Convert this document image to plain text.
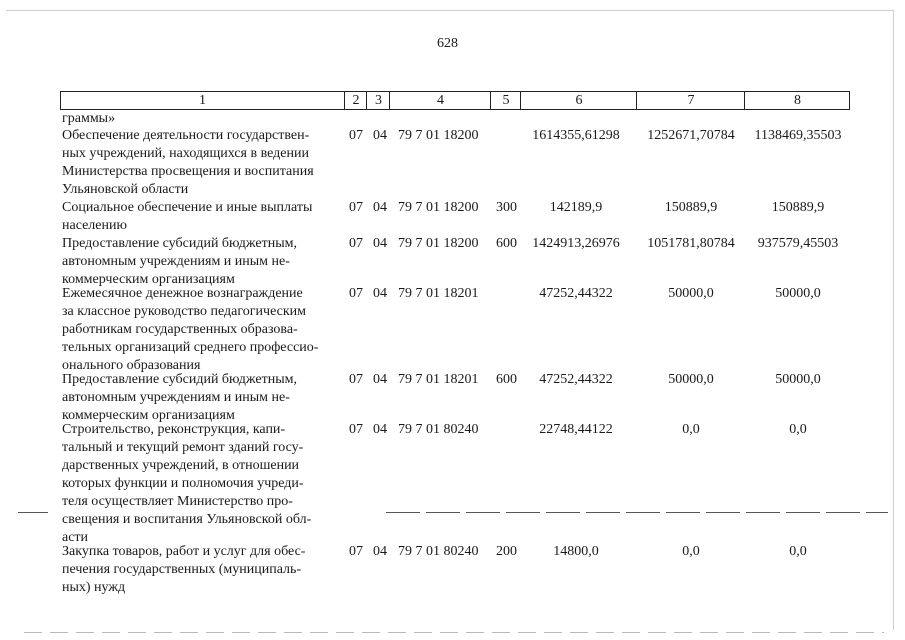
628
1	2	3	4	5	6	7	8
граммы»
Обеспечение деятельности государствен-
ных учреждений, находящихся в ведении
Министерства просвещения и воспитания
Ульяновской области
07 04 79 7 01 18200	1614355,61298	1252671,70784	1138469,35503
Социальное обеспечение и иные выплаты
населению
07 04 79 7 01 18200 300	142189,9	150889,9	150889,9
Предоставление субсидий бюджетным,
автономным учреждениям и иным не-
коммерческим организациям
07 04 79 7 01 18200 600	1424913,26976	1051781,80784	937579,45503
Ежемесячное денежное вознаграждение
за классное руководство педагогическим
работникам государственных образова-
тельных организаций среднего профессио-
онального образования
07 04 79 7 01 18201	47252,44322	50000,0	50000,0
Предоставление субсидий бюджетным,
автономным учреждениям и иным не-
коммерческим организациям
07 04 79 7 01 18201 600	47252,44322	50000,0	50000,0
Строительство, реконструкция, капи-
тальный и текущий ремонт зданий госу-
дарственных учреждений, в отношении
которых функции и полномочия учреди-
теля осуществляет Министерство про-
свещения и воспитания Ульяновской обл-
асти
07 04 79 7 01 80240	22748,44122	0,0	0,0
Закупка товаров, работ и услуг для обес-
печения государственных (муниципаль-
ных) нужд
07 04 79 7 01 80240 200	14800,0	0,0	0,0
